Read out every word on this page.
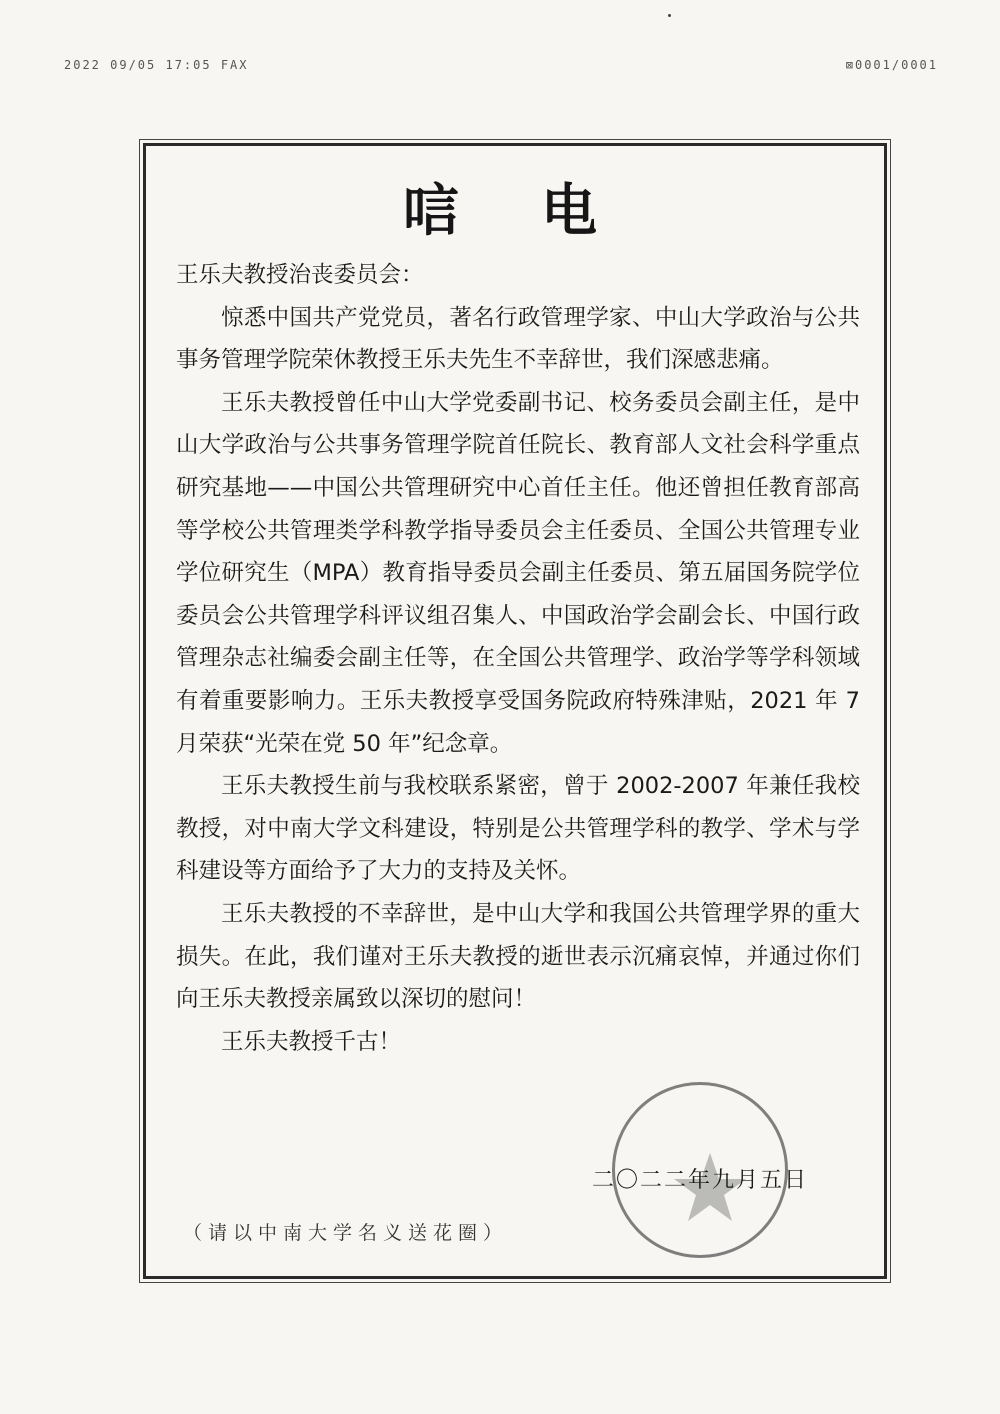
2022 09/05 17:05 FAX	⊠0001/0001
唁电

王乐夫教授治丧委员会：

惊悉中国共产党党员，著名行政管理学家、中山大学政治与公共事务管理学院荣休教授王乐夫先生不幸辞世，我们深感悲痛。

王乐夫教授曾任中山大学党委副书记、校务委员会副主任，是中山大学政治与公共事务管理学院首任院长、教育部人文社会科学重点研究基地——中国公共管理研究中心首任主任。他还曾担任教育部高等学校公共管理类学科教学指导委员会主任委员、全国公共管理专业学位研究生（MPA）教育指导委员会副主任委员、第五届国务院学位委员会公共管理学科评议组召集人、中国政治学会副会长、中国行政管理杂志社编委会副主任等，在全国公共管理学、政治学等学科领域有着重要影响力。王乐夫教授享受国务院政府特殊津贴，2021 年 7 月荣获“光荣在党 50 年”纪念章。

王乐夫教授生前与我校联系紧密，曾于 2002-2007 年兼任我校教授，对中南大学文科建设，特别是公共管理学科的教学、学术与学科建设等方面给予了大力的支持及关怀。

王乐夫教授的不幸辞世，是中山大学和我国公共管理学界的重大损失。在此，我们谨对王乐夫教授的逝世表示沉痛哀悼，并通过你们向王乐夫教授亲属致以深切的慰问！

王乐夫教授千古！

二〇二二年九月五日
（请以中南大学名义送花圈）
